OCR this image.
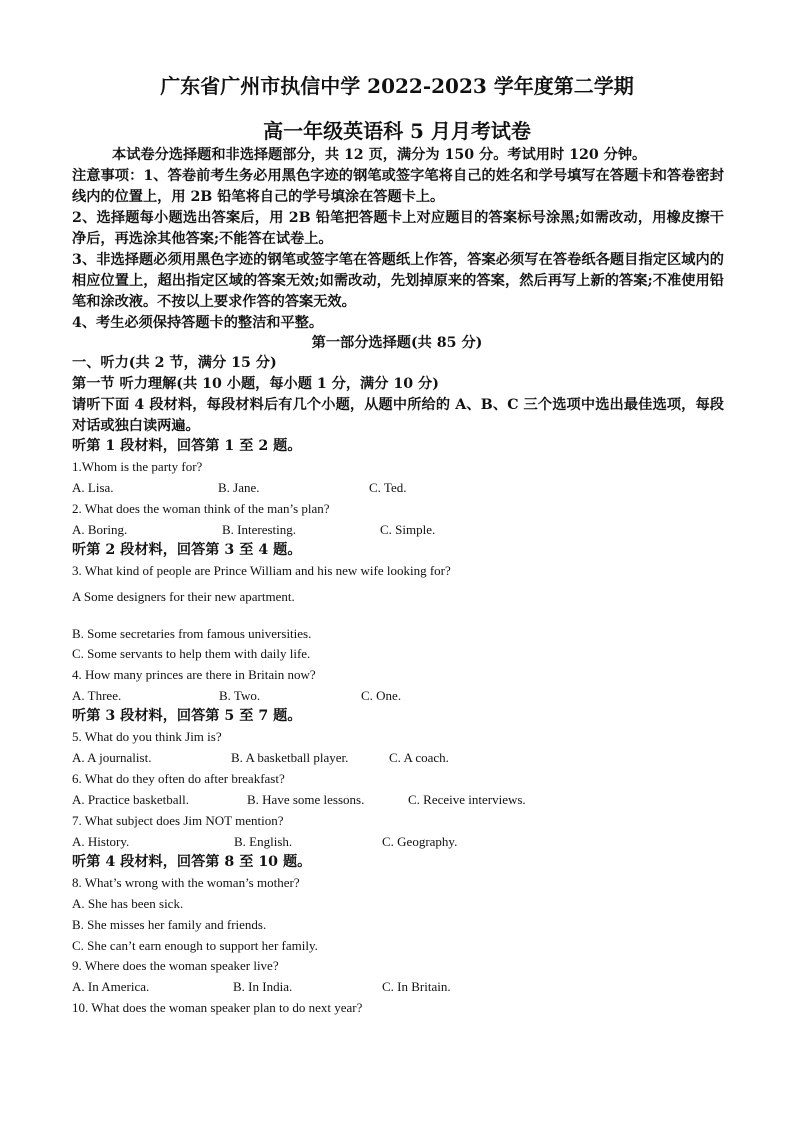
广东省广州市执信中学 2022-2023 学年度第二学期
高一年级英语科 5 月月考试卷
本试卷分选择题和非选择题部分，共 12 页，满分为 150 分。考试用时 120 分钟。
注意事项：1、答卷前考生务必用黑色字迹的钢笔或签字笔将自己的姓名和学号填写在答题卡和答卷密封线内的位置上，用 2B 铅笔将自己的学号填涂在答题卡上。
2、选择题每小题选出答案后，用 2B 铅笔把答题卡上对应题目的答案标号涂黑;如需改动，用橡皮擦干净后，再选涂其他答案;不能答在试卷上。
3、非选择题必须用黑色字迹的钢笔或签字笔在答题纸上作答，答案必须写在答卷纸各题目指定区域内的相应位置上，超出指定区域的答案无效;如需改动，先划掉原来的答案，然后再写上新的答案;不准使用铅笔和涂改液。不按以上要求作答的答案无效。
4、考生必须保持答题卡的整洁和平整。
第一部分选择题(共 85 分)
一、听力(共 2 节，满分 15 分)
第一节 听力理解(共 10 小题，每小题 1 分，满分 10 分)
请听下面 4 段材料，每段材料后有几个小题，从题中所给的 A、B、C 三个选项中选出最佳选项，每段对话或独白读两遍。
听第 1 段材料，回答第 1 至 2 题。
1.Whom is the party for?
A. Lisa.	B. Jane.	C. Ted.
2. What does the woman think of the man’s plan?
A. Boring.	B. Interesting.	C. Simple.
听第 2 段材料，回答第 3 至 4 题。
3. What kind of people are Prince William and his new wife looking for?
A Some designers for their new apartment.
B. Some secretaries from famous universities.
C. Some servants to help them with daily life.
4. How many princes are there in Britain now?
A. Three.	B. Two.	C. One.
听第 3 段材料，回答第 5 至 7 题。
5. What do you think Jim is?
A. A journalist.	B. A basketball player.	C. A coach.
6. What do they often do after breakfast?
A. Practice basketball.	B. Have some lessons.	C. Receive interviews.
7. What subject does Jim NOT mention?
A. History.	B. English.	C. Geography.
听第 4 段材料，回答第 8 至 10 题。
8. What’s wrong with the woman’s mother?
A. She has been sick.
B. She misses her family and friends.
C. She can’t earn enough to support her family.
9. Where does the woman speaker live?
A. In America.	B. In India.	C. In Britain.
10. What does the woman speaker plan to do next year?
